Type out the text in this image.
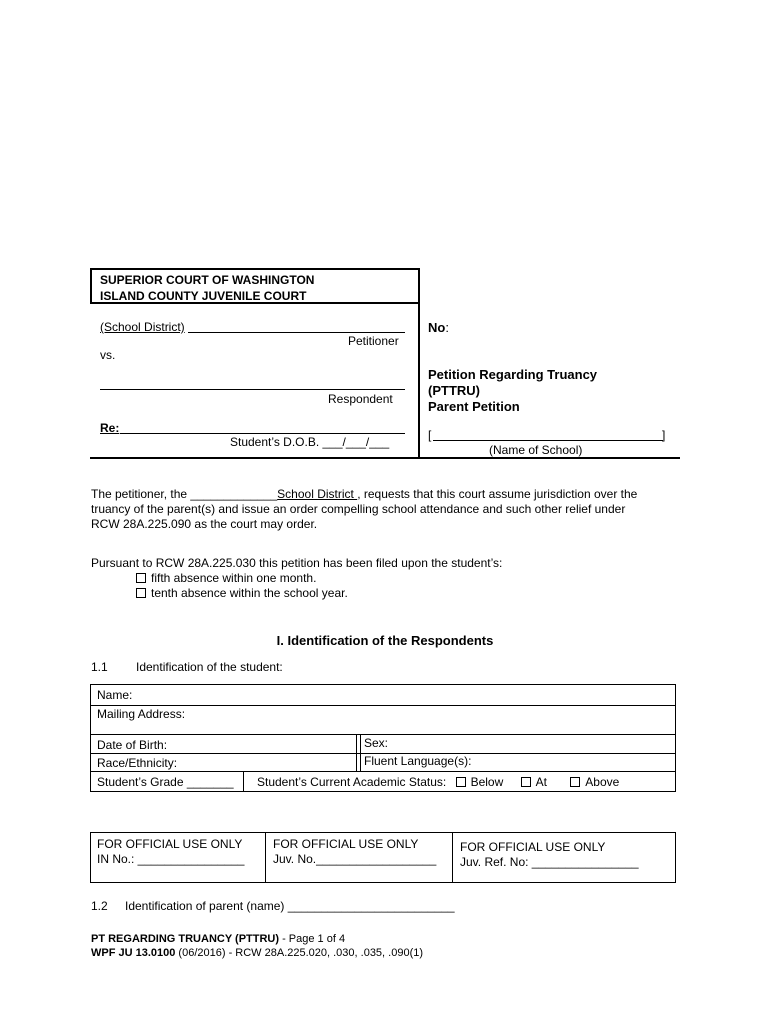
SUPERIOR COURT OF WASHINGTON
ISLAND COUNTY JUVENILE COURT
(School District)
Petitioner
vs.
Respondent
Re:
Student’s D.O.B. ___/___/___
No:
Petition Regarding Truancy
(PTTRU)
Parent Petition
[	]
(Name of School)
The petitioner, the _____________School District , requests that this court assume jurisdiction over the
truancy of the parent(s) and issue an order compelling school attendance and such other relief under
RCW 28A.225.090 as the court may order.
Pursuant to RCW 28A.225.030 this petition has been filed upon the student’s:
fifth absence within one month.
tenth absence within the school year.
I. Identification of the Respondents
1.1 Identification of the student:
Name:
Mailing Address:
Date of Birth:	Sex:
Race/Ethnicity:	Fluent Language(s):
Student’s Grade _______ Student’s Current Academic Status: Below	At	Above
FOR OFFICIAL USE ONLY
IN No.: ________________
FOR OFFICIAL USE ONLY
Juv. No.__________________
FOR OFFICIAL USE ONLY
Juv. Ref. No: ________________
1.2 Identification of parent (name) _________________________
PT REGARDING TRUANCY (PTTRU) - Page 1 of 4
WPF JU 13.0100 (06/2016) - RCW 28A.225.020, .030, .035, .090(1)
